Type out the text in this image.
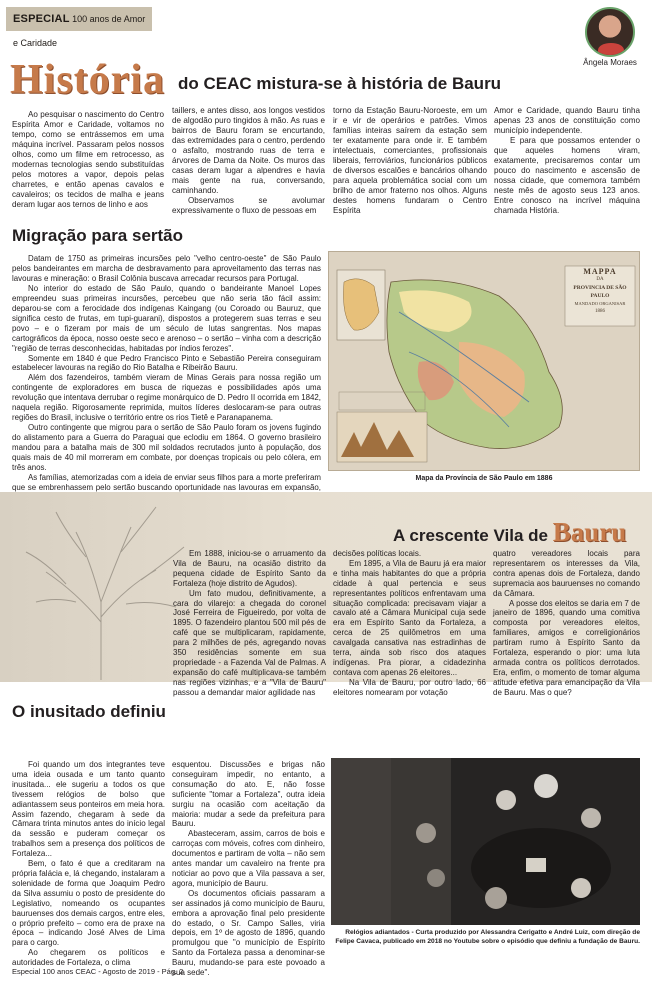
ESPECIAL 100 anos de Amor e Caridade
Ângela Moraes
História do CEAC mistura-se à história de Bauru

Ao pesquisar o nascimento do Centro Espírita Amor e Caridade, voltamos no tempo, como se entrássemos em uma máquina incrível. Passaram pelos nossos olhos, como um filme em retrocesso, as modernas tecnologias sendo substituídas pelos motores a vapor, depois pelas charretes, e então apenas cavalos e cavaleiros; os tecidos de malha e jeans deram lugar aos ternos de linho e aos

taillers, e antes disso, aos longos vestidos de algodão puro tingidos à mão. As ruas e bairros de Bauru foram se encurtando, das extremidades para o centro, perdendo o asfalto, mostrando ruas de terra e árvores de Dama da Noite. Os muros das casas deram lugar a alpendres e havia mais gente na rua, conversando, caminhando.

Observamos se avolumar expressivamente o fluxo de pessoas em

torno da Estação Bauru-Noroeste, em um ir e vir de operários e patrões. Vimos famílias inteiras saírem da estação sem ter exatamente para onde ir. E também intelectuais, comerciantes, profissionais liberais, ferroviários, funcionários públicos de diversos escalões e bancários olhando para aquela problemática social com um brilho de amor fraterno nos olhos. Alguns destes homens fundaram o Centro Espírita

Amor e Caridade, quando Bauru tinha apenas 23 anos de constituição como município independente.

E para que possamos entender o que aqueles homens viram, exatamente, precisaremos contar um pouco do nascimento e ascensão de nossa cidade, que comemora também neste mês de agosto seus 123 anos. Entre conosco na incrível máquina chamada História.

Migração para sertão

Datam de 1750 as primeiras incursões pelo "velho centro-oeste" de São Paulo pelos bandeirantes em marcha de desbravamento para aproveitamento das terras nas lavouras e mineração: o Brasil Colônia buscava arrecadar recursos para Portugal.

No interior do estado de São Paulo, quando o bandeirante Manoel Lopes empreendeu suas primeiras incursões, percebeu que não seria tão fácil assim: deparou-se com a ferocidade dos indígenas Kaingang (ou Coroado ou Bauruz, que significa cesto de frutas, em tupi-guarani), dispostos a protegerem suas terras e seu povo – e o fizeram por mais de um século de lutas sangrentas. Nos mapas cartográficos da época, nosso oeste seco e arenoso – o sertão – vinha com a descrição "região de terras desconhecidas, habitadas por índios ferozes".

Somente em 1840 é que Pedro Francisco Pinto e Sebastião Pereira conseguiram estabelecer lavouras na região do Rio Batalha e Ribeirão Bauru.

Além dos fazendeiros, também vieram de Minas Gerais para nossa região um contingente de exploradores em busca de riquezas e possibilidades após uma revolução que intentava derrubar o regime monárquico de D. Pedro II ocorrida em 1842, naquela região. Rigorosamente reprimida, muitos líderes deslocaram-se para outras regiões do Brasil, inclusive o território entre os rios Tietê e Paranapanema.

Outro contingente que migrou para o sertão de São Paulo foram os jovens fugindo do alistamento para a Guerra do Paraguai que eclodiu em 1864. O governo brasileiro mandou para a batalha mais de 300 mil soldados recrutados junto à população, dos quais mais de 40 mil morreram em combate, por doenças tropicais ou pelo cólera, em três anos.

As famílias, atemorizadas com a ideia de enviar seus filhos para a morte preferiram que se embrenhassem pelo sertão buscando oportunidade nas lavouras em expansão,

MAPPA
DA
PROVINCIA DE SÃO PAULO
MANDADO ORGANISAR
1886
Mapa da Província de São Paulo em 1886
A crescente Vila de Bauru

Em 1888, iniciou-se o arruamento da Vila de Bauru, na ocasião distrito da pequena cidade de Espírito Santo da Fortaleza (hoje distrito de Agudos).

Um fato mudou, definitivamente, a cara do vilarejo: a chegada do coronel José Ferreira de Figueiredo, por volta de 1895. O fazendeiro plantou 500 mil pés de café que se multiplicaram, rapidamente, para 2 milhões de pés, agregando novas 350 residências somente em sua propriedade - a Fazenda Val de Palmas. A expansão do café multiplicava-se também nas regiões vizinhas, e a "Vila de Bauru" passou a demandar maior agilidade nas

decisões políticas locais.

Em 1895, a Vila de Bauru já era maior e tinha mais habitantes do que a própria cidade à qual pertencia e seus representantes políticos enfrentavam uma situação complicada: precisavam viajar a cavalo até a Câmara Municipal cuja sede era em Espírito Santo da Fortaleza, a cerca de 25 quilômetros em uma cavalgada cansativa nas estradinhas de terra, ainda sob risco dos ataques indígenas. Pra piorar, a cidadezinha contava com apenas 26 eleitores...

Na Vila de Bauru, por outro lado, 66 eleitores nomearam por votação

quatro vereadores locais para representarem os interesses da Vila, contra apenas dois de Fortaleza, dando supremacia aos bauruenses no comando da Câmara.

A posse dos eleitos se daria em 7 de janeiro de 1896, quando uma comitiva composta por vereadores eleitos, familiares, amigos e correligionários partiram rumo à Espírito Santo da Fortaleza, esperando o pior: uma luta armada contra os políticos derrotados. Era, enfim, o momento de tomar alguma atitude efetiva para emancipação da Vila de Bauru. Mas o que?

O inusitado definiu

Foi quando um dos integrantes teve uma ideia ousada e um tanto quanto inusitada... ele sugeriu a todos os que tivessem relógios de bolso que adiantassem seus ponteiros em meia hora. Assim fazendo, chegaram à sede da Câmara trinta minutos antes do início legal da sessão e puderam começar os trabalhos sem a presença dos políticos de Fortaleza...

Bem, o fato é que a creditaram na própria falácia e, lá chegando, instalaram a solenidade de forma que Joaquim Pedro da Silva assumiu o posto de presidente do Legislativo, nomeando os ocupantes bauruenses dos demais cargos, entre eles, o próprio prefeito – como era de praxe na época – indicando José Alves de Lima para o cargo.

Ao chegarem os políticos e autoridades de Fortaleza, o clima

esquentou. Discussões e brigas não conseguiram impedir, no entanto, a consumação do ato. E, não fosse suficiente "tomar a Fortaleza", outra ideia surgiu na ocasião com aceitação da maioria: mudar a sede da prefeitura para Bauru.

Abasteceram, assim, carros de bois e carroças com móveis, cofres com dinheiro, documentos e partiram de volta – não sem antes mandar um cavaleiro na frente pra noticiar ao povo que a Vila passava a ser, agora, município de Bauru.

Os documentos oficiais passaram a ser assinados já como município de Bauru, embora a aprovação final pelo presidente do estado, o Sr. Campo Salles, viria depois, em 1º de agosto de 1896, quando promulgou que "o município de Espírito Santo da Fortaleza passa a denominar-se Bauru, mudando-se para este povoado a sua sede".

Relógios adiantados - Curta produzido por Alessandra Cerigatto e André Luiz, com direção de Felipe Cavaca, publicado em 2018 no Youtube sobre o episódio que definiu a fundação de Bauru.
Especial 100 anos CEAC - Agosto de 2019 - Pág. 2
